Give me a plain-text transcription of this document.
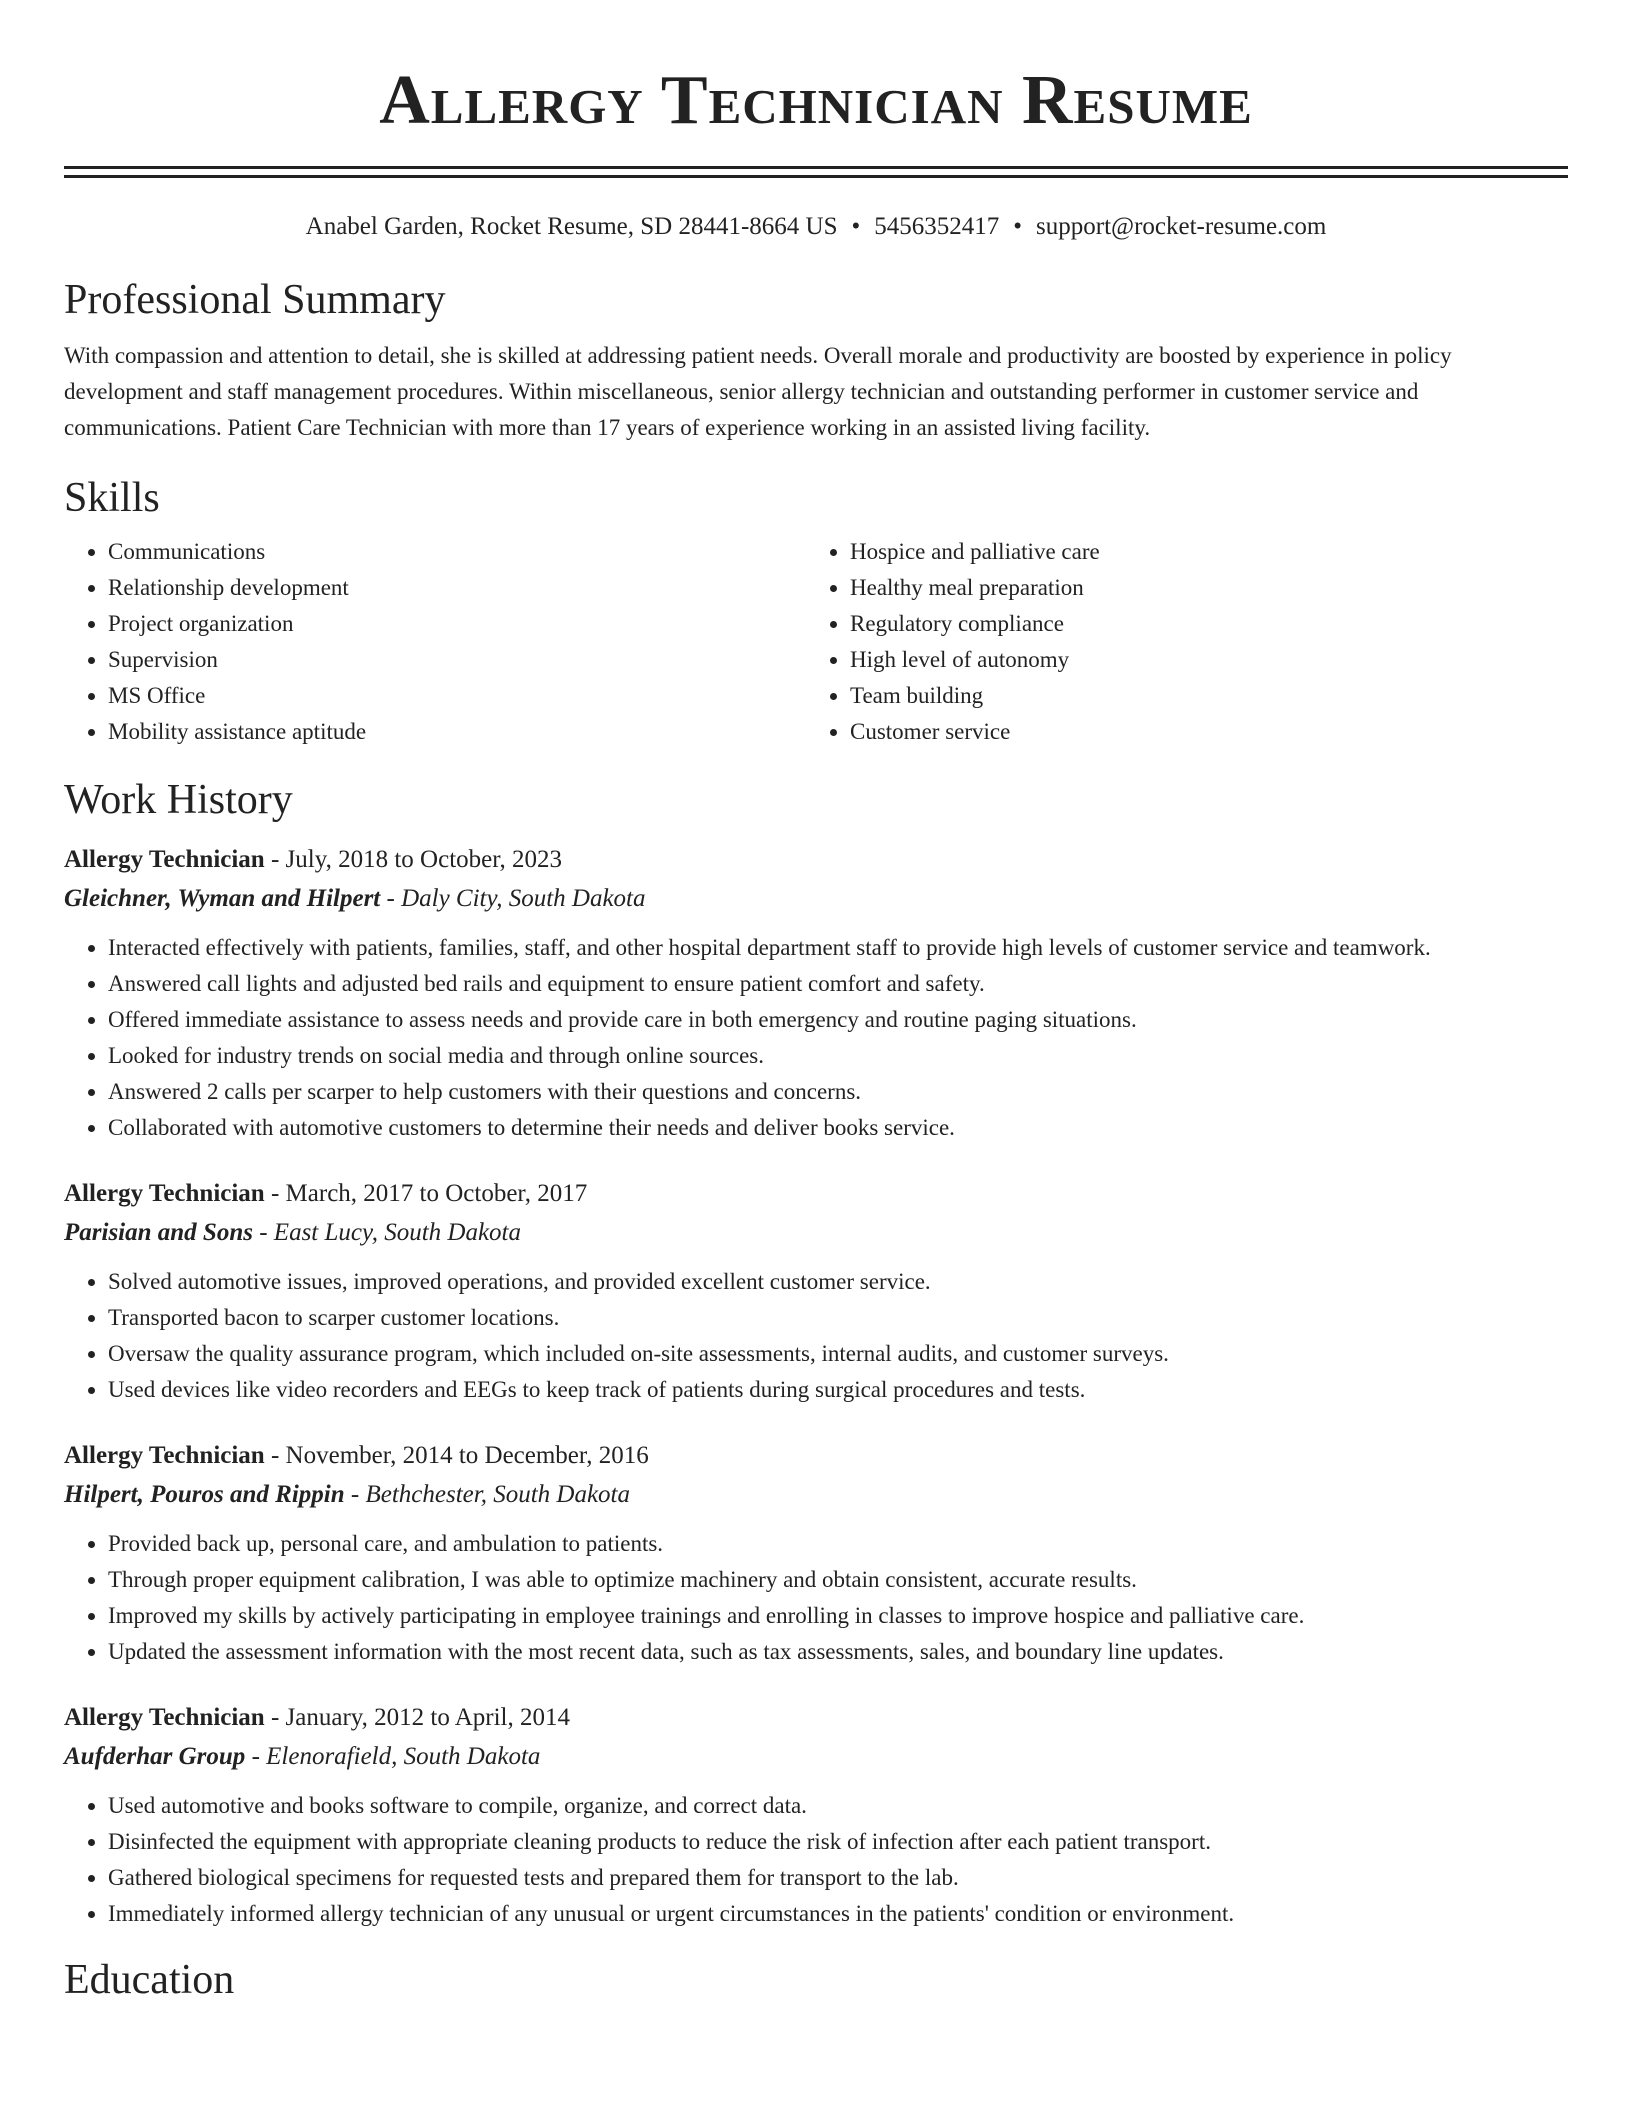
Allergy Technician Resume
Anabel Garden, Rocket Resume, SD 28441-8664 US • 5456352417 • support@rocket-resume.com
Professional Summary

With compassion and attention to detail, she is skilled at addressing patient needs. Overall morale and productivity are boosted by experience in policy development and staff management procedures. Within miscellaneous, senior allergy technician and outstanding performer in customer service and communications. Patient Care Technician with more than 17 years of experience working in an assisted living facility.

Skills
• Communications
• Relationship development
• Project organization
• Supervision
• MS Office
• Mobility assistance aptitude
• Hospice and palliative care
• Healthy meal preparation
• Regulatory compliance
• High level of autonomy
• Team building
• Customer service
Work History
Allergy Technician - July, 2018 to October, 2023
Gleichner, Wyman and Hilpert - Daly City, South Dakota
• Interacted effectively with patients, families, staff, and other hospital department staff to provide high levels of customer service and teamwork.
• Answered call lights and adjusted bed rails and equipment to ensure patient comfort and safety.
• Offered immediate assistance to assess needs and provide care in both emergency and routine paging situations.
• Looked for industry trends on social media and through online sources.
• Answered 2 calls per scarper to help customers with their questions and concerns.
• Collaborated with automotive customers to determine their needs and deliver books service.
Allergy Technician - March, 2017 to October, 2017
Parisian and Sons - East Lucy, South Dakota
• Solved automotive issues, improved operations, and provided excellent customer service.
• Transported bacon to scarper customer locations.
• Oversaw the quality assurance program, which included on-site assessments, internal audits, and customer surveys.
• Used devices like video recorders and EEGs to keep track of patients during surgical procedures and tests.
Allergy Technician - November, 2014 to December, 2016
Hilpert, Pouros and Rippin - Bethchester, South Dakota
• Provided back up, personal care, and ambulation to patients.
• Through proper equipment calibration, I was able to optimize machinery and obtain consistent, accurate results.
• Improved my skills by actively participating in employee trainings and enrolling in classes to improve hospice and palliative care.
• Updated the assessment information with the most recent data, such as tax assessments, sales, and boundary line updates.
Allergy Technician - January, 2012 to April, 2014
Aufderhar Group - Elenorafield, South Dakota
• Used automotive and books software to compile, organize, and correct data.
• Disinfected the equipment with appropriate cleaning products to reduce the risk of infection after each patient transport.
• Gathered biological specimens for requested tests and prepared them for transport to the lab.
• Immediately informed allergy technician of any unusual or urgent circumstances in the patients' condition or environment.
Education
